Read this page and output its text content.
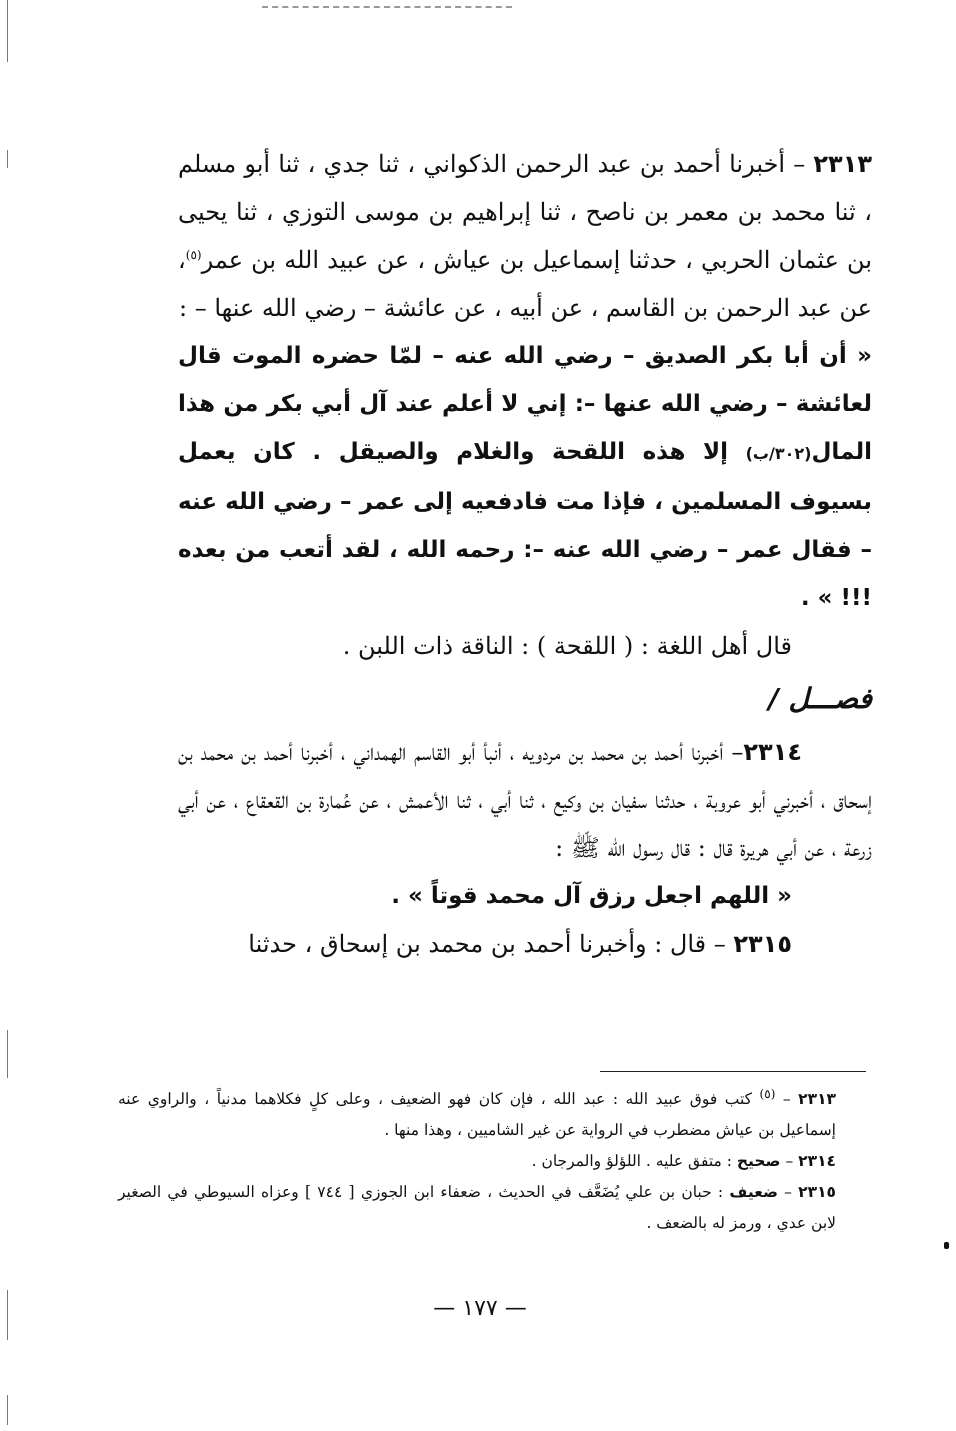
٢٣١٣ – أخبرنا أحمد بن عبد الرحمن الذكواني ، ثنا جدي ، ثنا أبو مسلم ، ثنا محمد بن معمر بن ناصح ، ثنا إبراهيم بن موسى التوزي ، ثنا يحيى بن عثمان الحربي ، حدثنا إسماعيل بن عياش ، عن عبيد الله بن عمر$^{(٥)}$، عن عبد الرحمن بن القاسم ، عن أبيه ، عن عائشة – رضي الله عنها – :

« أن أبا بكر الصديق – رضي الله عنه – لمّا حضره الموت قال لعائشة – رضي الله عنها –: إني لا أعلم عند آل أبي بكر من هذا المال(٣٠٢/ب) إلا هذه اللقحة والغلام والصيقل . كان يعمل بسيوف المسلمين ، فإذا مت فادفعيه إلى عمر – رضي الله عنه – فقال عمر – رضي الله عنه –: رحمه الله ، لقد أتعب من بعده !!! » .

قال أهل اللغة : ( اللقحة ) : الناقة ذات اللبن .

فصـــل /

٢٣١٤– أخبرنا أحمد بن محمد بن مردويه ، أنبأ أبو القاسم الهمداني ، أخبرنا أحمد بن محمد بن إسحاق ، أخبرني أبو عروبة ، حدثنا سفيان بن وكيع ، ثنا أبي ، ثنا الأعمش ، عن عُمارة بن القعقاع ، عن أبي زرعة ، عن أبي هريرة قال : قال رسول الله ﷺ :

« اللهم اجعل رزق آل محمد قوتاً » .

٢٣١٥ – قال : وأخبرنا أحمد بن محمد بن إسحاق ، حدثنا

٢٣١٣ – $^{(٥)}$ كتب فوق عبيد الله : عبد الله ، فإن كان فهو الضعيف ، وعلى كلٍ فكلاهما مدنياً ، والراوي عنه إسماعيل بن عياش مضطرب في الرواية عن غير الشاميين ، وهذا منها .

٢٣١٤ – صحيح : متفق عليه . اللؤلؤ والمرجان .

٢٣١٥ – ضعيف : حبان بن علي يُضَعَّف في الحديث ، ضعفاء ابن الجوزي [ ٧٤٤ ] وعزاه السيوطي في الصغير لابن عدي ، ورمز له بالضعف .

— ١٧٧ —
